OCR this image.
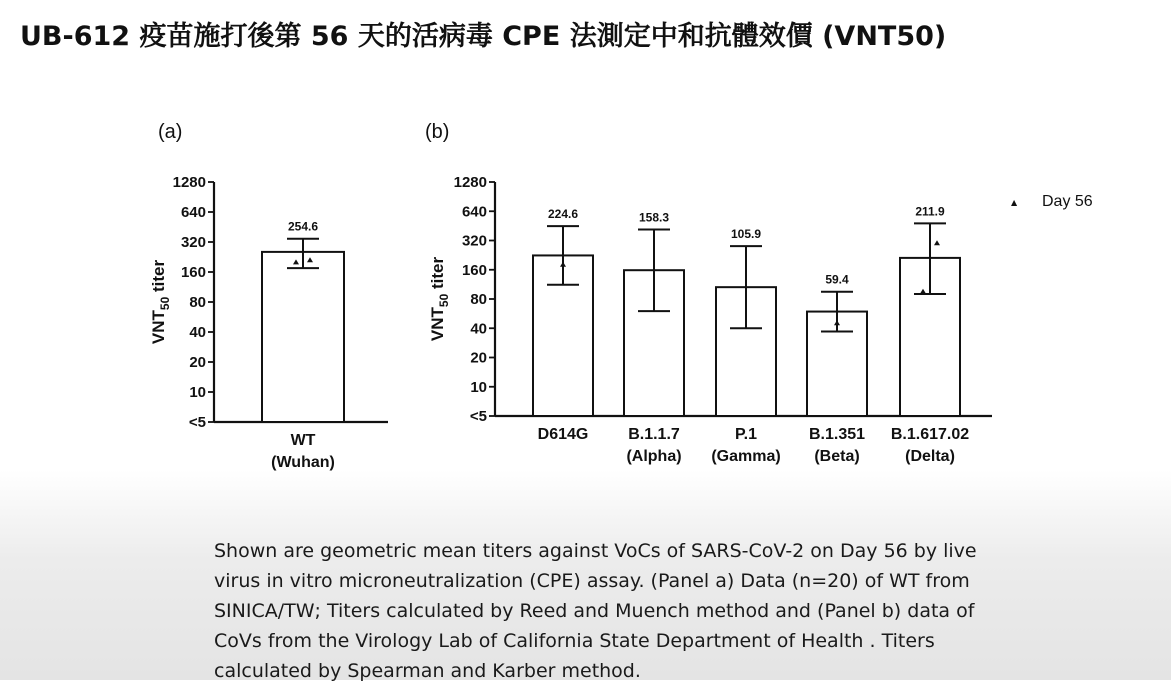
UB-612 疫苗施打後第 56 天的活病毒 CPE 法測定中和抗體效價 (VNT50)
(a)	(b)
<5
10
20
40
80
160
320
640
1280
$VNT_{50}$ titer
254.6
WT
(Wuhan)
<5
10
20
40
80
160
320
640
1280
$VNT_{50}$ titer
224.6
D614G
158.3
B.1.1.7
(Alpha)
105.9
P.1
(Gamma)
59.4
B.1.351
(Beta)
211.9
B.1.617.02
(Delta)
▲ Day 56
Shown are geometric mean titers against VoCs of SARS-CoV-2 on Day 56 by live
virus in vitro microneutralization (CPE) assay. (Panel a) Data (n=20) of WT from
SINICA/TW; Titers calculated by Reed and Muench method and (Panel b) data of
CoVs from the Virology Lab of California State Department of Health . Titers
calculated by Spearman and Karber method.
